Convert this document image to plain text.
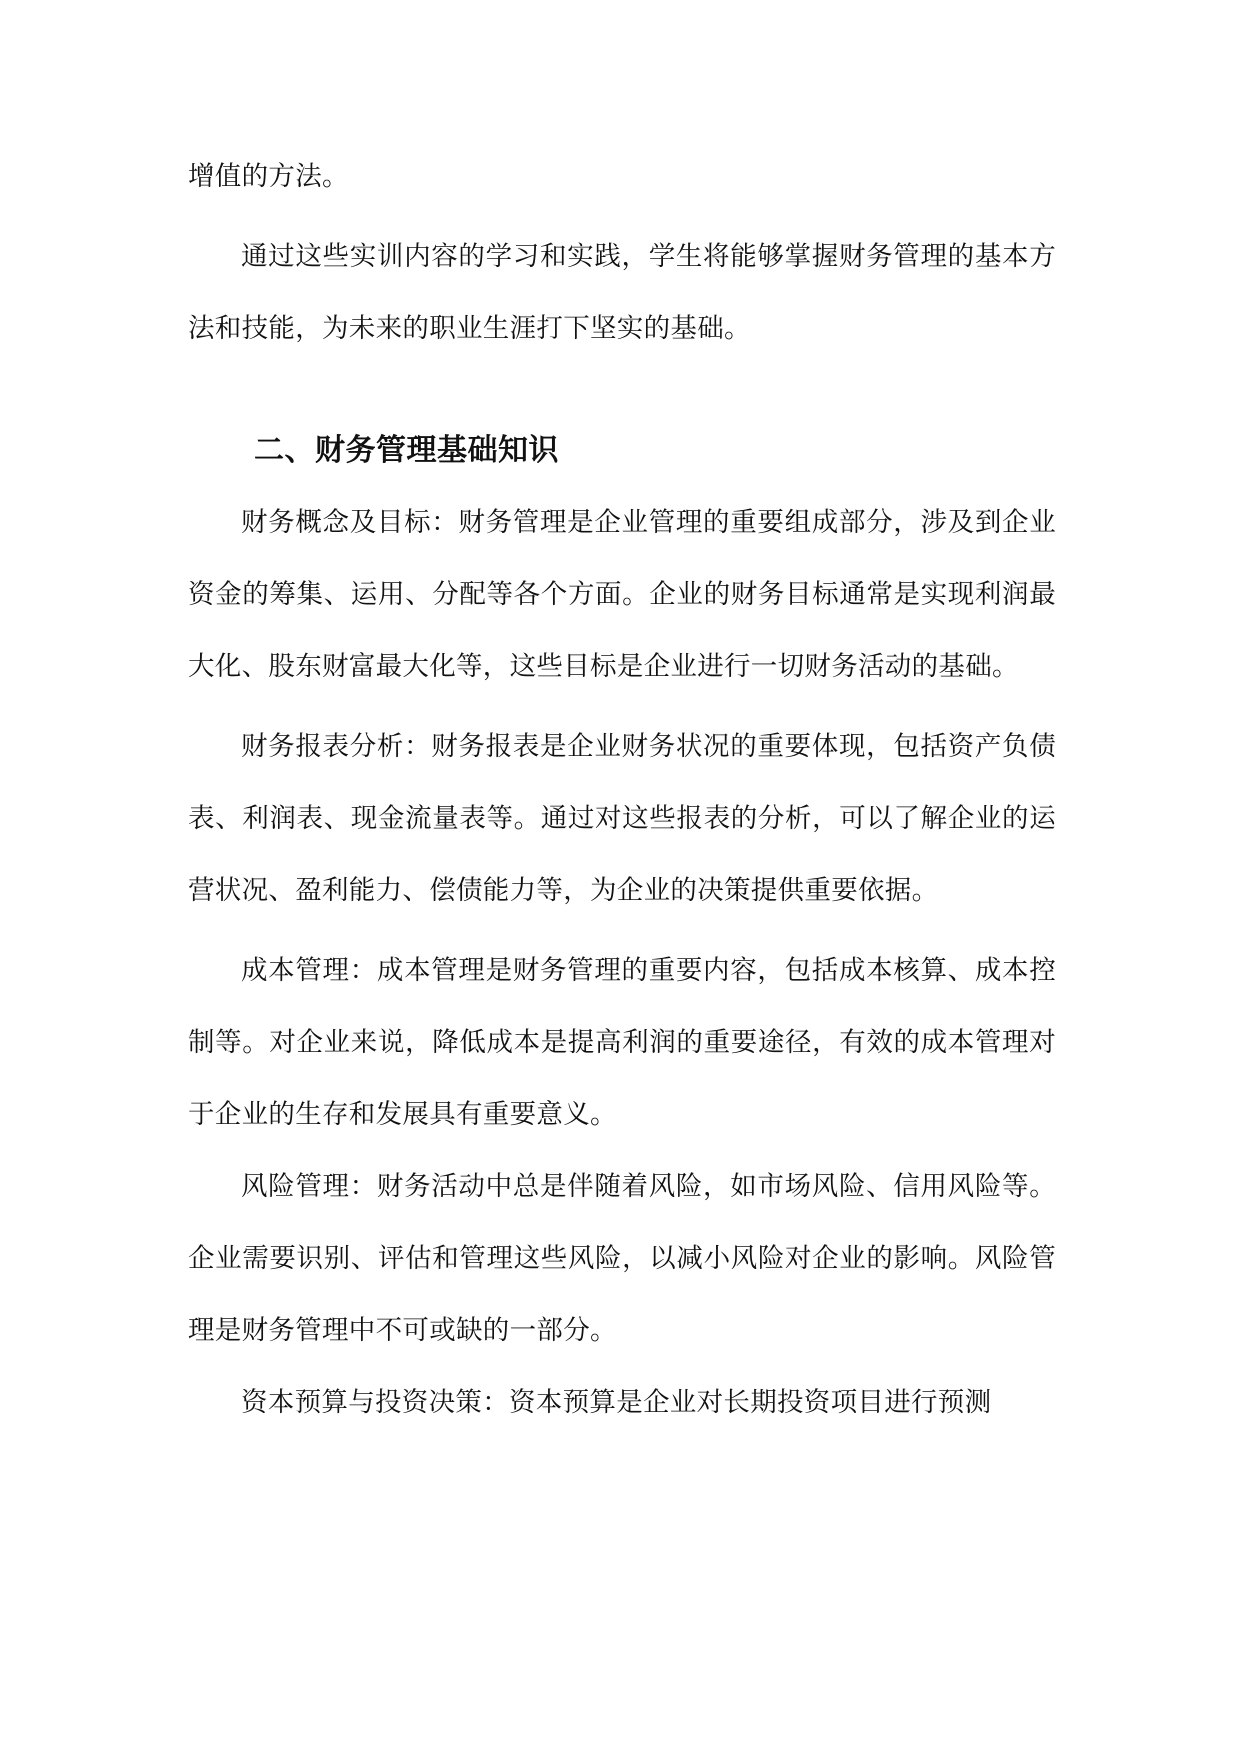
增值的方法。

通过这些实训内容的学习和实践，学生将能够掌握财务管理的基本方法和技能，为未来的职业生涯打下坚实的基础。

二、财务管理基础知识

财务概念及目标：财务管理是企业管理的重要组成部分，涉及到企业资金的筹集、运用、分配等各个方面。企业的财务目标通常是实现利润最大化、股东财富最大化等，这些目标是企业进行一切财务活动的基础。

财务报表分析：财务报表是企业财务状况的重要体现，包括资产负债表、利润表、现金流量表等。通过对这些报表的分析，可以了解企业的运营状况、盈利能力、偿债能力等，为企业的决策提供重要依据。

成本管理：成本管理是财务管理的重要内容，包括成本核算、成本控制等。对企业来说，降低成本是提高利润的重要途径，有效的成本管理对于企业的生存和发展具有重要意义。

风险管理：财务活动中总是伴随着风险，如市场风险、信用风险等。企业需要识别、评估和管理这些风险，以减小风险对企业的影响。风险管理是财务管理中不可或缺的一部分。

资本预算与投资决策：资本预算是企业对长期投资项目进行预测
